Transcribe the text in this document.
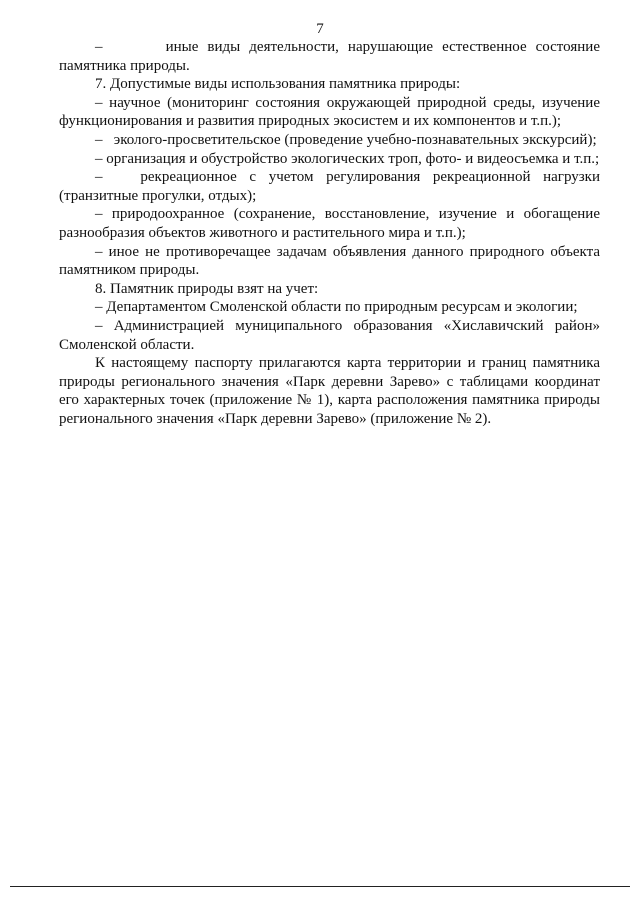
7

–       иные виды деятельности, нарушающие естественное состояние памятника природы.

7. Допустимые виды использования памятника природы:

– научное (мониторинг состояния окружающей природной среды, изучение функционирования и развития природных экосистем и их компонентов и т.п.);

–   эколого-просветительское (проведение учебно-познавательных экскурсий);

– организация и обустройство экологических троп, фото- и видеосъемка и т.п.;

–   рекреационное с учетом регулирования рекреационной нагрузки (транзитные прогулки, отдых);

– природоохранное (сохранение, восстановление, изучение и обогащение разнообразия объектов животного и растительного мира и т.п.);

– иное не противоречащее задачам объявления данного природного объекта памятником природы.

8. Памятник природы взят на учет:

– Департаментом Смоленской области по природным ресурсам и экологии;

– Администрацией муниципального образования «Хиславичский район» Смоленской области.

К настоящему паспорту прилагаются карта территории и границ памятника природы регионального значения «Парк деревни Зарево» с таблицами координат его характерных точек (приложение № 1), карта расположения памятника природы регионального значения «Парк деревни Зарево» (приложение № 2).
